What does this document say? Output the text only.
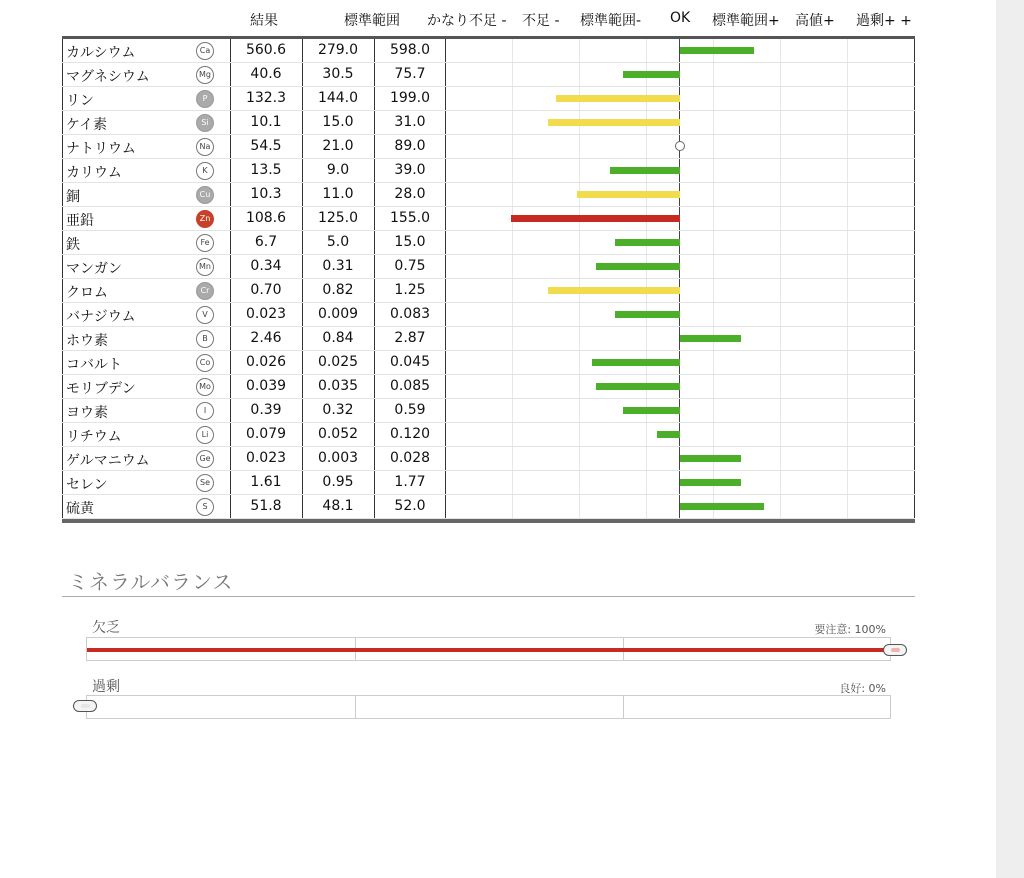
結果	標準範囲 かなり不足 - 不足 - 標準範囲- OK 標準範囲+ 高値+ 過剰+ +
カルシウム	Ca	560.6	279.0	598.0
マグネシウム	Mg	40.6	30.5	75.7
リン	P	132.3	144.0	199.0
ケイ素	Si	10.1	15.0	31.0
ナトリウム	Na	54.5	21.0	89.0
カリウム	K	13.5	9.0	39.0
銅	Cu	10.3	11.0	28.0
亜鉛	Zn	108.6	125.0	155.0
鉄	Fe	6.7	5.0	15.0
マンガン	Mn	0.34	0.31	0.75
クロム	Cr	0.70	0.82	1.25
バナジウム	V	0.023	0.009	0.083
ホウ素	B	2.46	0.84	2.87
コバルト	Co	0.026	0.025	0.045
モリブデン	Mo	0.039	0.035	0.085
ヨウ素	I	0.39	0.32	0.59
リチウム	Li	0.079	0.052	0.120
ゲルマニウム	Ge	0.023	0.003	0.028
セレン	Se	1.61	0.95	1.77
硫黄	S	51.8	48.1	52.0
ミネラルバランス
欠乏	要注意: 100%
過剰	良好: 0%
